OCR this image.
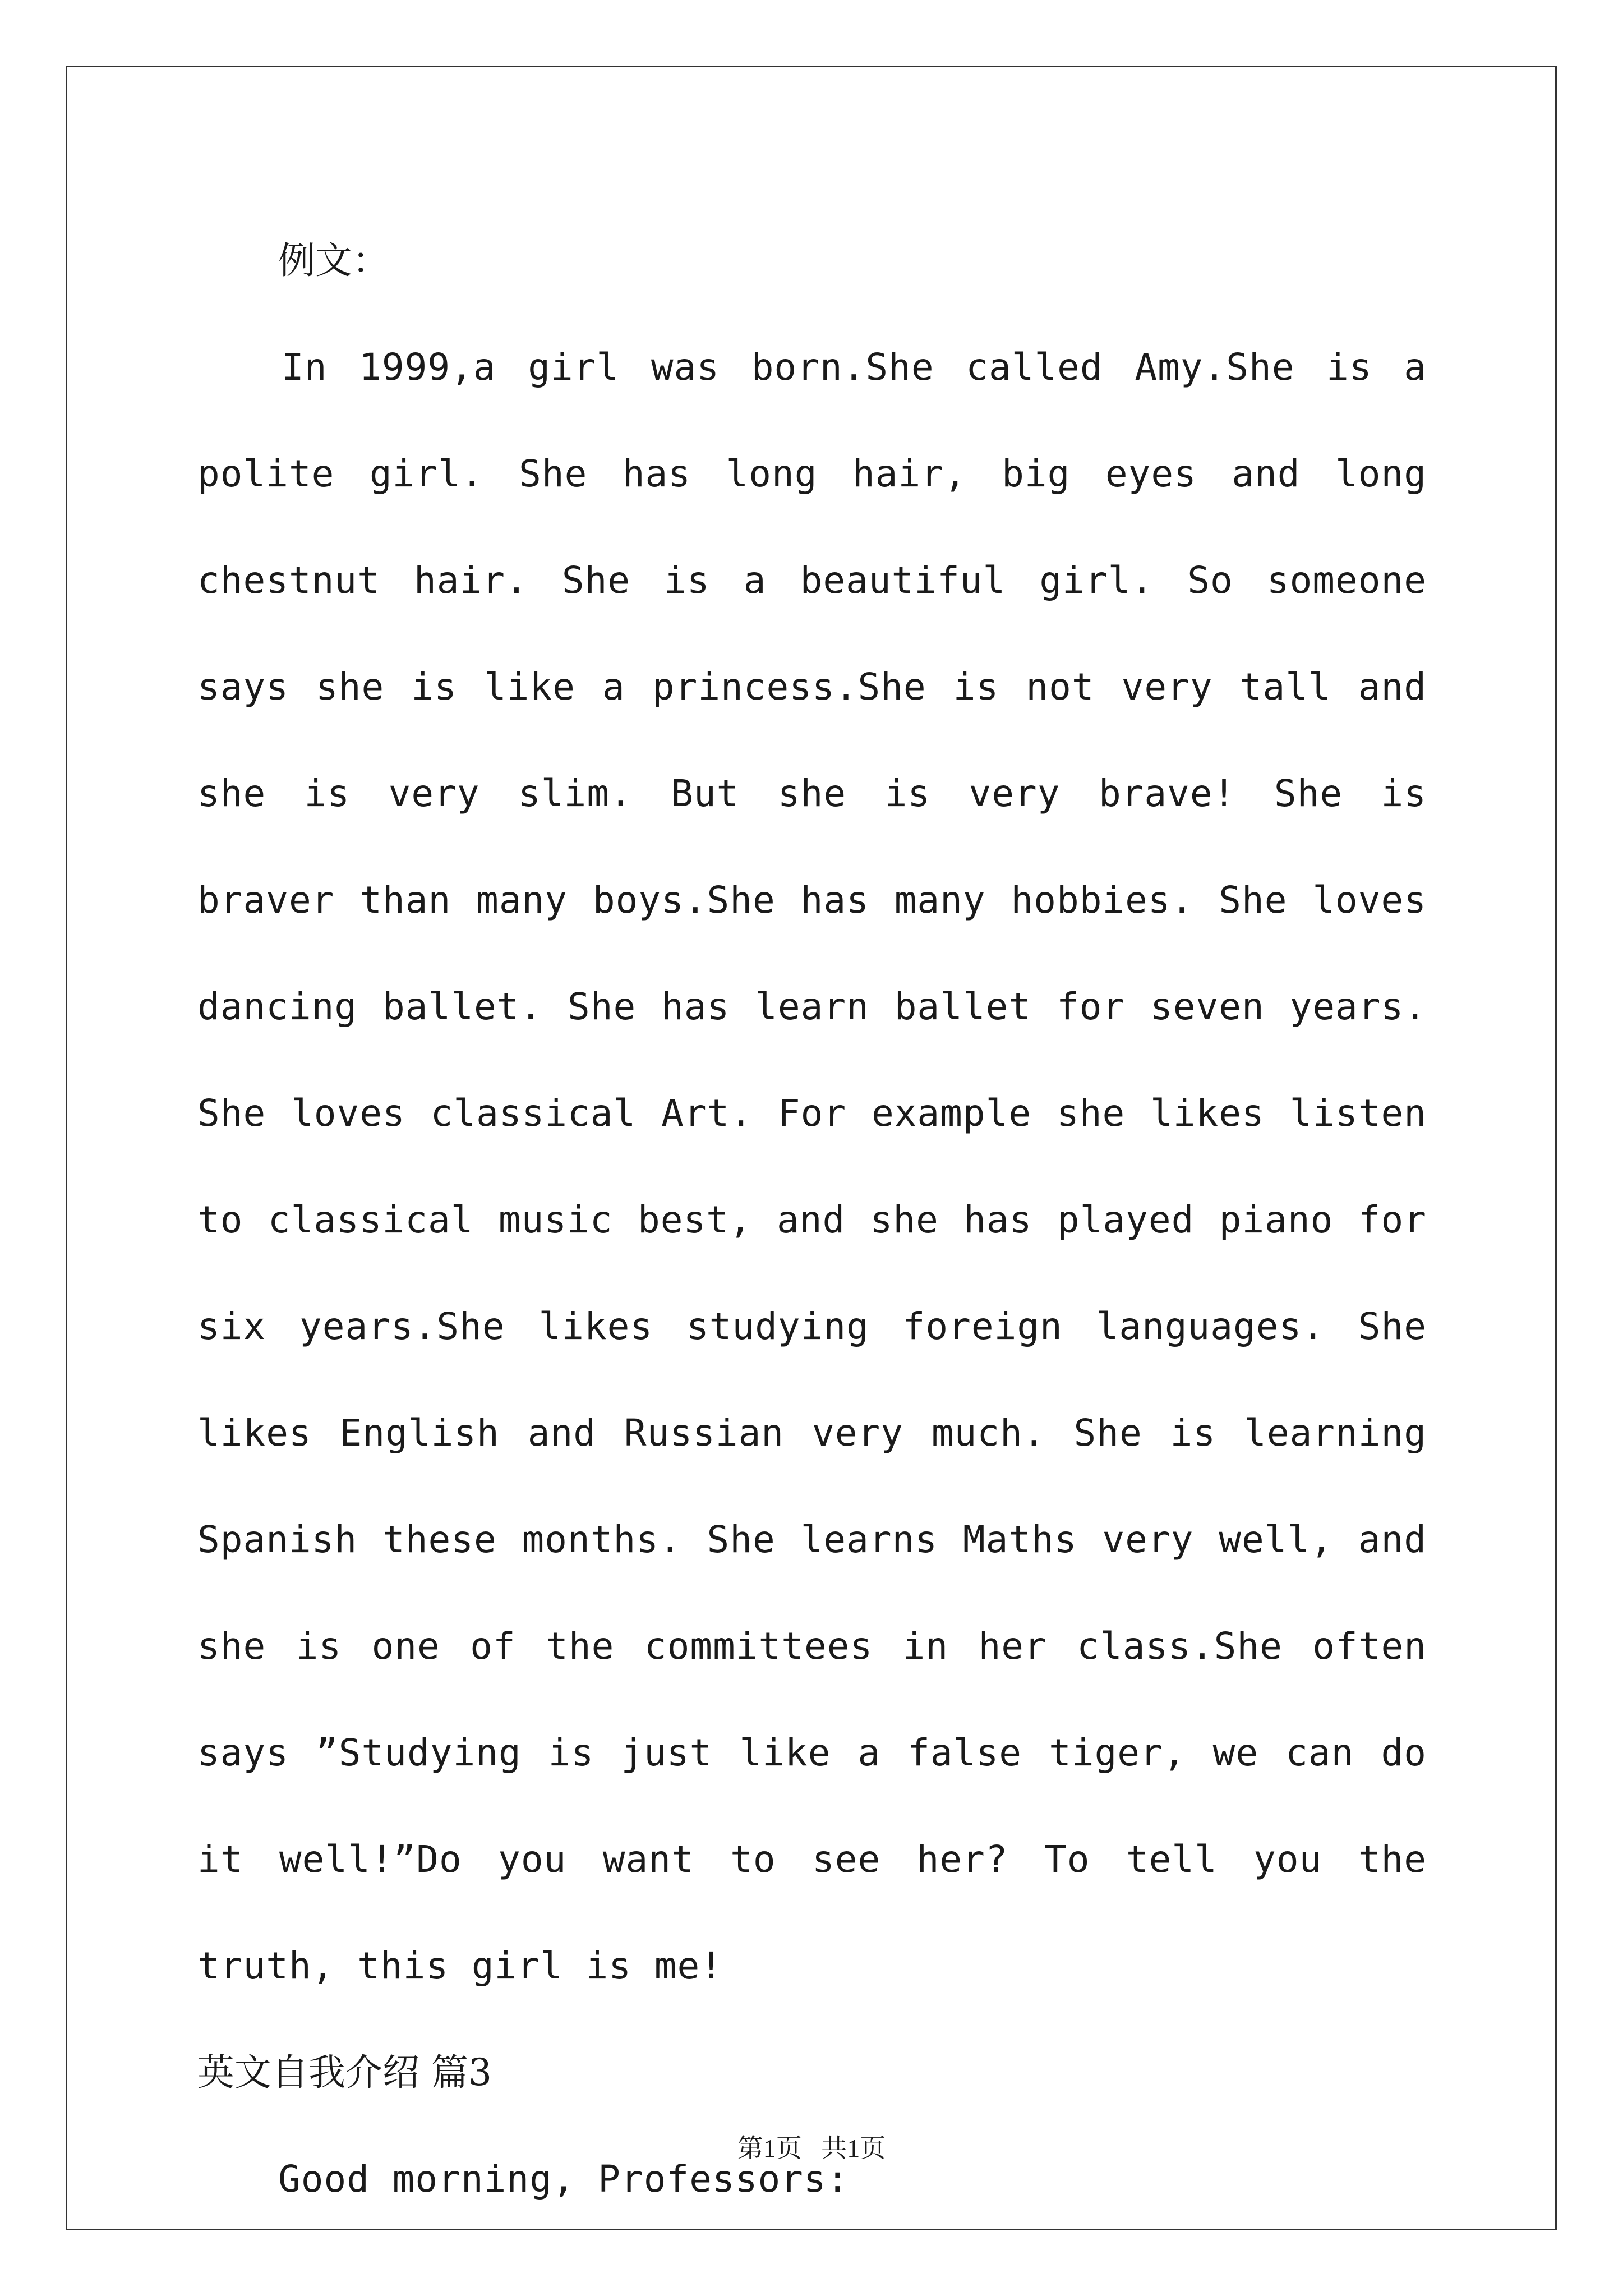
例文：

In 1999,a girl was born.She called Amy.She is a polite girl. She has long hair, big eyes and long chestnut hair. She is a beautiful girl. So someone says she is like a princess.She is not very tall and she is very slim. But she is very brave! She is braver than many boys.She has many hobbies. She loves dancing ballet. She has learn ballet for seven years. She loves classical Art. For example she likes listen to classical music best, and she has played piano for six years.She likes studying foreign languages. She likes English and Russian very much. She is learning Spanish these months. She learns Maths very well, and she is one of the committees in her class.She often says ”Studying is just like a false tiger, we can do it well!”Do you want to see her? To tell you the truth, this girl is me!

英文自我介绍 篇3
Good morning, Professors:
第1页   共1页
